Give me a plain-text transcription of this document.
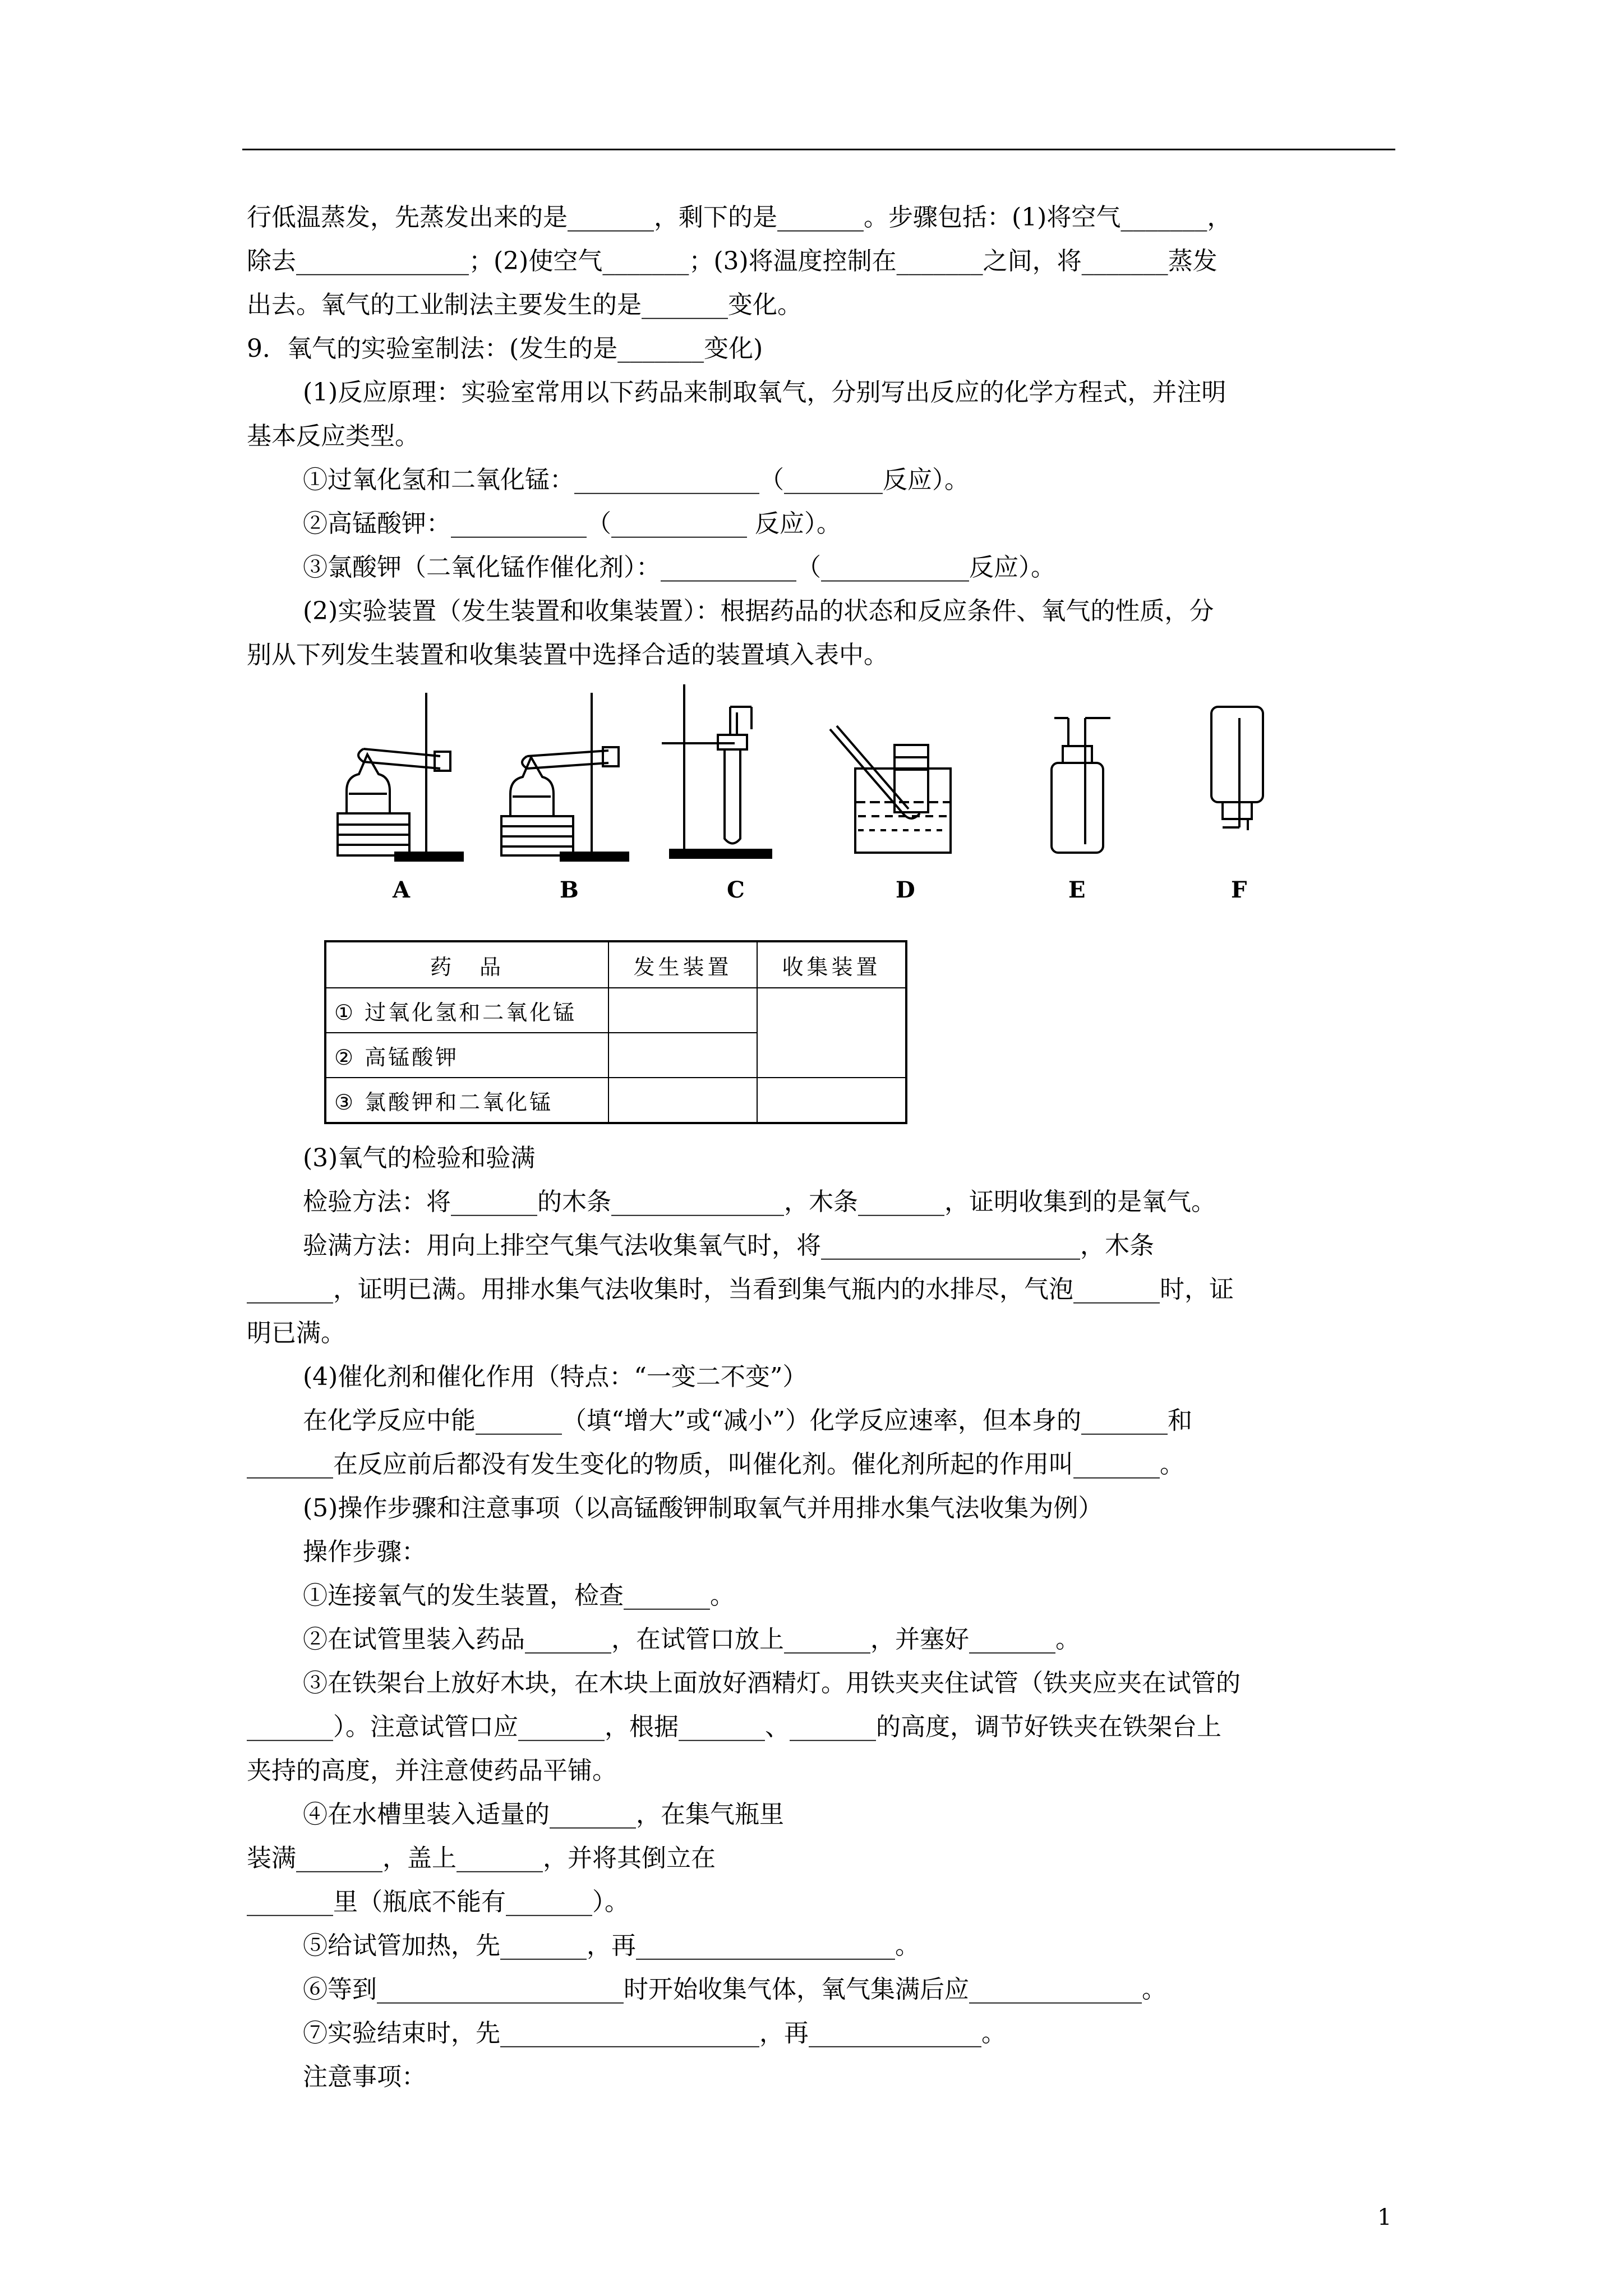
行低温蒸发，先蒸发出来的是_______，剩下的是_______。步骤包括：(1)将空气_______，
除去______________；(2)使空气_______；(3)将温度控制在_______之间，将_______蒸发
出去。氧气的工业制法主要发生的是_______变化。
9．氧气的实验室制法：(发生的是_______变化)
(1)反应原理：实验室常用以下药品来制取氧气，分别写出反应的化学方程式，并注明
基本反应类型。
①过氧化氢和二氧化锰：_______________（________反应）。
②高锰酸钾：___________（___________ 反应）。
③氯酸钾（二氧化锰作催化剂）：___________（____________反应）。
(2)实验装置（发生装置和收集装置）：根据药品的状态和反应条件、氧气的性质，分
别从下列发生装置和收集装置中选择合适的装置填入表中。
A	B	C	D	E	F
药　品	发生装置	收集装置
① 过氧化氢和二氧化锰		
② 高锰酸钾		
③ 氯酸钾和二氧化锰		
(3)氧气的检验和验满
检验方法：将_______的木条______________，木条_______，证明收集到的是氧气。
验满方法：用向上排空气集气法收集氧气时，将_____________________，木条
_______，证明已满。用排水集气法收集时，当看到集气瓶内的水排尽，气泡_______时，证
明已满。
(4)催化剂和催化作用（特点：“一变二不变”）
在化学反应中能_______（填“增大”或“减小”）化学反应速率，但本身的_______和
_______在反应前后都没有发生变化的物质，叫催化剂。催化剂所起的作用叫_______。
(5)操作步骤和注意事项（以高锰酸钾制取氧气并用排水集气法收集为例）
操作步骤：
①连接氧气的发生装置，检查_______。
②在试管里装入药品_______，在试管口放上_______，并塞好_______。
③在铁架台上放好木块，在木块上面放好酒精灯。用铁夹夹住试管（铁夹应夹在试管的
_______）。注意试管口应_______，根据_______、_______的高度，调节好铁夹在铁架台上
夹持的高度，并注意使药品平铺。
④在水槽里装入适量的_______，在集气瓶里
装满_______，盖上_______，并将其倒立在
_______里（瓶底不能有_______）。
⑤给试管加热，先_______，再_____________________。
⑥等到____________________时开始收集气体，氧气集满后应______________。
⑦实验结束时，先_____________________，再______________。
注意事项：
1
